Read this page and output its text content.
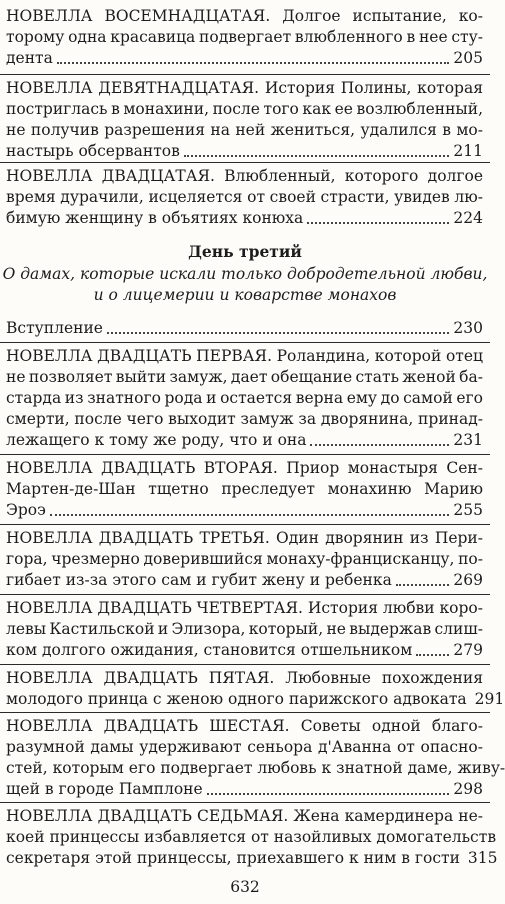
НОВЕЛЛА ВОСЕМНАДЦАТАЯ. Долгое испытание, ко-
торому одна красавица подвергает влюбленного в нее сту-
дента	205
НОВЕЛЛА ДЕВЯТНАДЦАТАЯ. История Полины, которая
постриглась в монахини, после того как ее возлюбленный,
не получив разрешения на ней жениться, удалился в мо-
настырь обсервантов	211
НОВЕЛЛА ДВАДЦАТАЯ. Влюбленный, которого долгое
время дурачили, исцеляется от своей страсти, увидев лю-
бимую женщину в объятиях конюха	224
День третий
О дамах, которые искали только добродетельной любви,
и о лицемерии и коварстве монахов
Вступление	230
НОВЕЛЛА ДВАДЦАТЬ ПЕРВАЯ. Роландина, которой отец
не позволяет выйти замуж, дает обещание стать женой ба-
старда из знатного рода и остается верна ему до самой его
смерти, после чего выходит замуж за дворянина, принад-
лежащего к тому же роду, что и она	231
НОВЕЛЛА ДВАДЦАТЬ ВТОРАЯ. Приор монастыря Сен-
Мартен-де-Шан тщетно преследует монахиню Марию
Эроэ	255
НОВЕЛЛА ДВАДЦАТЬ ТРЕТЬЯ. Один дворянин из Пери-
гора, чрезмерно доверившийся монаху-францисканцу, по-
гибает из-за этого сам и губит жену и ребенка	269
НОВЕЛЛА ДВАДЦАТЬ ЧЕТВЕРТАЯ. История любви коро-
левы Кастильской и Элизора, который, не выдержав слиш-
ком долгого ожидания, становится отшельником	279
НОВЕЛЛА ДВАДЦАТЬ ПЯТАЯ. Любовные похождения
молодого принца с женою одного парижского адвоката 291
НОВЕЛЛА ДВАДЦАТЬ ШЕСТАЯ. Советы одной благо-
разумной дамы удерживают сеньора д'Аванна от опасно-
стей, которым его подвергает любовь к знатной даме, живу-
щей в городе Памплоне	298
НОВЕЛЛА ДВАДЦАТЬ СЕДЬМАЯ. Жена камердинера не-
коей принцессы избавляется от назойливых домогательств
секретаря этой принцессы, приехавшего к ним в гости 315
632
